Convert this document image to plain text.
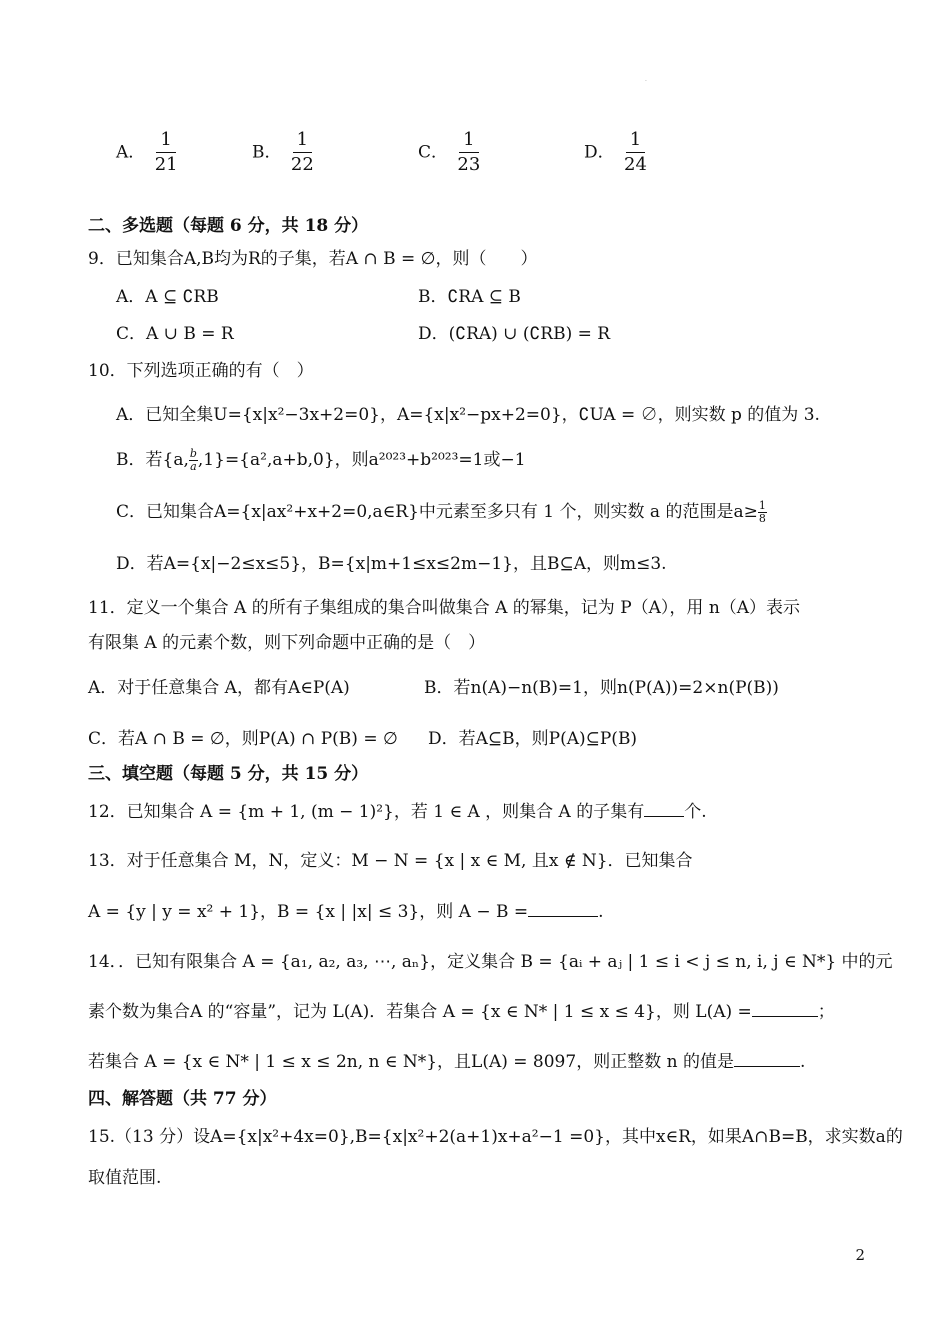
·
A． $\frac{1}{21}$	B． $\frac{1}{22}$	C． $\frac{1}{23}$	D． $\frac{1}{24}$
二、多选题（每题 6 分，共 18 分）
9．已知集合A,B均为R的子集，若A ∩ B = ∅，则（　　）
A．A ⊆ ∁RB	B．∁RA ⊆ B
C．A ∪ B = R	D．(∁RA) ∪ (∁RB) = R
10．下列选项正确的有（　）
A．已知全集U={x|x²−3x+2=0}，A={x|x²−px+2=0}，∁UA = ∅，则实数 p 的值为 3.
B．若{a, $\frac{b}{a} ,1\}=\{a^2,a+b,0\}$，则a²⁰²³+b²⁰²³=1或−1
C．已知集合A={x|ax²+x+2=0,a∈R}中元素至多只有 1 个，则实数 a 的范围是$a\ge \frac{1}{8}$
D．若A={x|−2≤x≤5}，B={x|m+1≤x≤2m−1}，且B⊆A，则m≤3.
11．定义一个集合 A 的所有子集组成的集合叫做集合 A 的幂集，记为 P（A），用 n（A）表示
有限集 A 的元素个数，则下列命题中正确的是（　）
A．对于任意集合 A，都有A∈P(A)	B．若n(A)−n(B)=1，则n(P(A))=2×n(P(B))
C．若A ∩ B = ∅，则P(A) ∩ P(B) = ∅ D．若A⊆B，则P(A)⊆P(B)
三、填空题（每题 5 分，共 15 分）
12．已知集合 A = {m + 1, (m − 1)²}，若 1 ∈ A ，则集合 A 的子集有 个.
13．对于任意集合 M，N，定义：M − N = {x | x ∈ M, 且x ∉ N}．已知集合
A = {y | y = x² + 1}，B = {x | |x| ≤ 3}，则 A − B =	.
14．．已知有限集合 A = {a₁, a₂, a₃, ⋯, aₙ}，定义集合 B = {aᵢ + aⱼ | 1 ≤ i < j ≤ n, i, j ∈ N*} 中的元
素个数为集合A 的“容量”，记为 L(A)．若集合 A = {x ∈ N* | 1 ≤ x ≤ 4}，则 L(A) =	；
若集合 A = {x ∈ N* | 1 ≤ x ≤ 2n, n ∈ N*}，且L(A) = 8097，则正整数 n 的值是	.
四、解答题（共 77 分）
15.（13 分）设A={x|x²+4x=0},B={x|x²+2(a+1)x+a²−1 =0}，其中x∈R，如果A∩B=B，求实数a的
取值范围.
2
